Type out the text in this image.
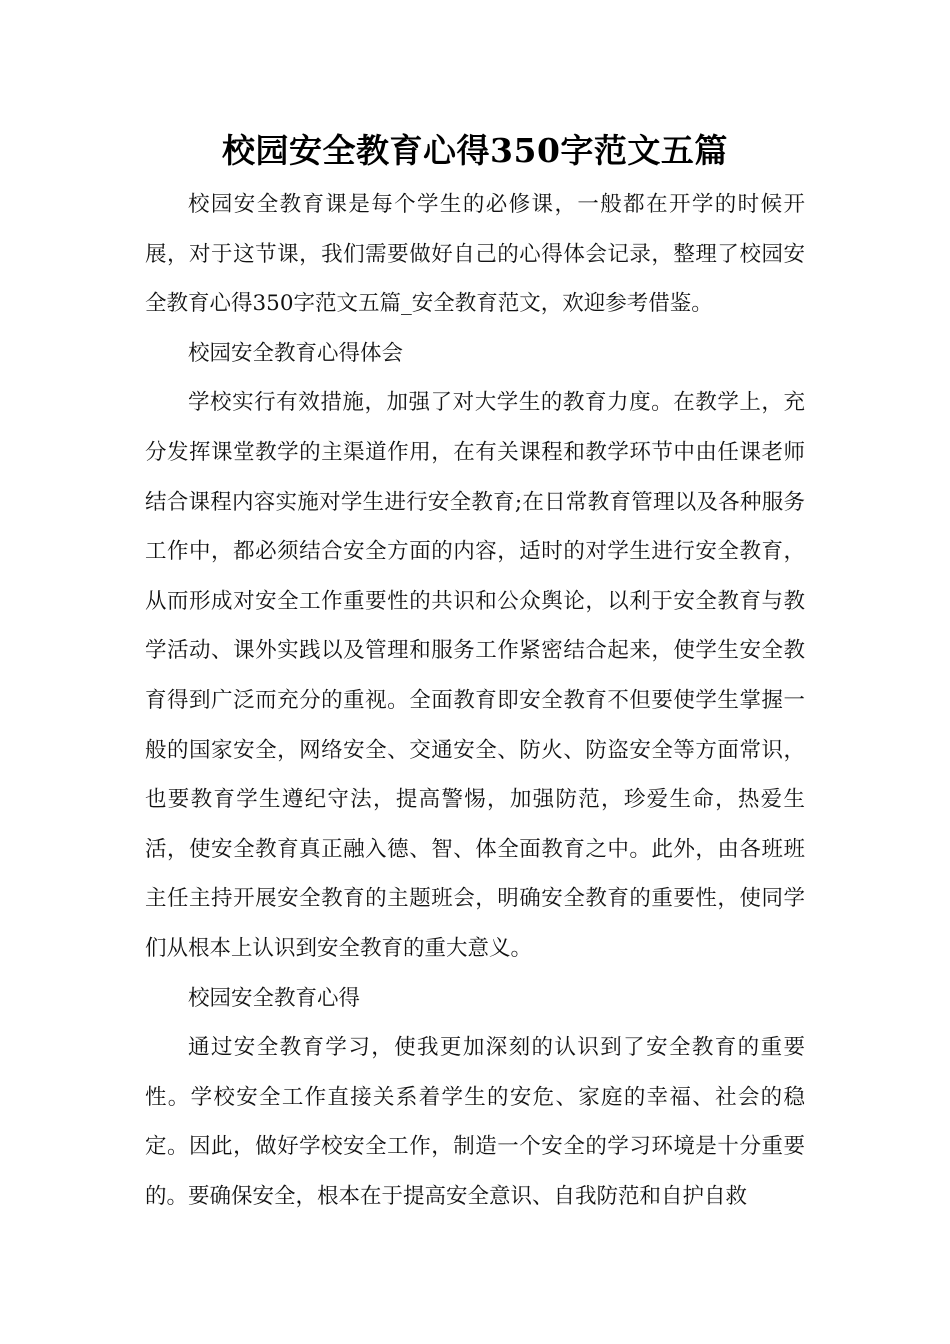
校园安全教育心得350字范文五篇

校园安全教育课是每个学生的必修课，一般都在开学的时候开展，对于这节课，我们需要做好自己的心得体会记录，整理了校园安全教育心得350字范文五篇_安全教育范文，欢迎参考借鉴。

校园安全教育心得体会

学校实行有效措施，加强了对大学生的教育力度。在教学上，充分发挥课堂教学的主渠道作用，在有关课程和教学环节中由任课老师结合课程内容实施对学生进行安全教育;在日常教育管理以及各种服务工作中，都必须结合安全方面的内容，适时的对学生进行安全教育，从而形成对安全工作重要性的共识和公众舆论，以利于安全教育与教学活动、课外实践以及管理和服务工作紧密结合起来，使学生安全教育得到广泛而充分的重视。全面教育即安全教育不但要使学生掌握一般的国家安全，网络安全、交通安全、防火、防盗安全等方面常识，也要教育学生遵纪守法，提高警惕，加强防范，珍爱生命，热爱生活，使安全教育真正融入德、智、体全面教育之中。此外，由各班班主任主持开展安全教育的主题班会，明确安全教育的重要性，使同学们从根本上认识到安全教育的重大意义。

校园安全教育心得

通过安全教育学习，使我更加深刻的认识到了安全教育的重要性。学校安全工作直接关系着学生的安危、家庭的幸福、社会的稳定。因此，做好学校安全工作，制造一个安全的学习环境是十分重要的。要确保安全，根本在于提高安全意识、自我防范和自护自救
